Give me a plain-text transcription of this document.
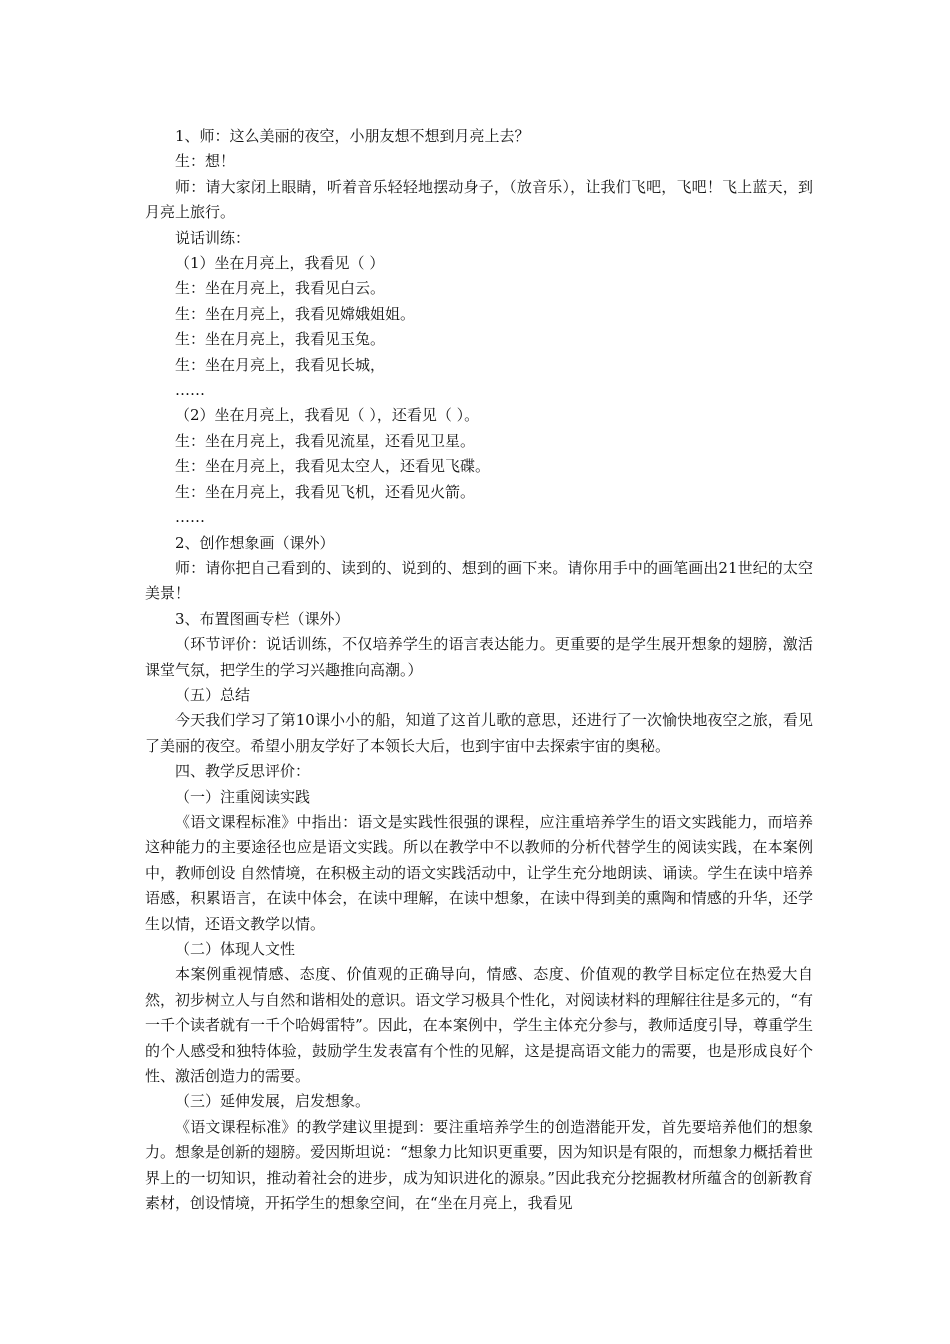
1、师：这么美丽的夜空，小朋友想不想到月亮上去？

生：想！

师：请大家闭上眼睛，听着音乐轻轻地摆动身子，（放音乐），让我们飞吧，飞吧！飞上蓝天，到月亮上旅行。

说话训练：

（1）坐在月亮上，我看见（ ）

生：坐在月亮上，我看见白云。

生：坐在月亮上，我看见嫦娥姐姐。

生：坐在月亮上，我看见玉兔。

生：坐在月亮上，我看见长城，

……

（2）坐在月亮上，我看见（ ），还看见（ ）。

生：坐在月亮上，我看见流星，还看见卫星。

生：坐在月亮上，我看见太空人，还看见飞碟。

生：坐在月亮上，我看见飞机，还看见火箭。

……

2、创作想象画（课外）

师：请你把自己看到的、读到的、说到的、想到的画下来。请你用手中的画笔画出21世纪的太空美景！

3、布置图画专栏（课外）

（环节评价：说话训练，不仅培养学生的语言表达能力。更重要的是学生展开想象的翅膀，激活课堂气氛，把学生的学习兴趣推向高潮。）

（五）总结

今天我们学习了第10课小小的船，知道了这首儿歌的意思，还进行了一次愉快地夜空之旅，看见了美丽的夜空。希望小朋友学好了本领长大后，也到宇宙中去探索宇宙的奥秘。

四、教学反思评价：

（一）注重阅读实践

《语文课程标准》中指出：语文是实践性很强的课程，应注重培养学生的语文实践能力，而培养这种能力的主要途径也应是语文实践。所以在教学中不以教师的分析代替学生的阅读实践，在本案例中，教师创设 自然情境，在积极主动的语文实践活动中，让学生充分地朗读、诵读。学生在读中培养语感，积累语言，在读中体会，在读中理解，在读中想象，在读中得到美的熏陶和情感的升华，还学生以情，还语文教学以情。

（二）体现人文性

本案例重视情感、态度、价值观的正确导向，情感、态度、价值观的教学目标定位在热爱大自然，初步树立人与自然和谐相处的意识。语文学习极具个性化，对阅读材料的理解往往是多元的，“有一千个读者就有一千个哈姆雷特”。因此，在本案例中，学生主体充分参与，教师适度引导，尊重学生的个人感受和独特体验，鼓励学生发表富有个性的见解，这是提高语文能力的需要，也是形成良好个性、激活创造力的需要。

（三）延伸发展，启发想象。

《语文课程标准》的教学建议里提到：要注重培养学生的创造潜能开发，首先要培养他们的想象力。想象是创新的翅膀。爱因斯坦说：“想象力比知识更重要，因为知识是有限的，而想象力概括着世界上的一切知识，推动着社会的进步，成为知识进化的源泉。”因此我充分挖掘教材所蕴含的创新教育素材，创设情境，开拓学生的想象空间，在“坐在月亮上，我看见
